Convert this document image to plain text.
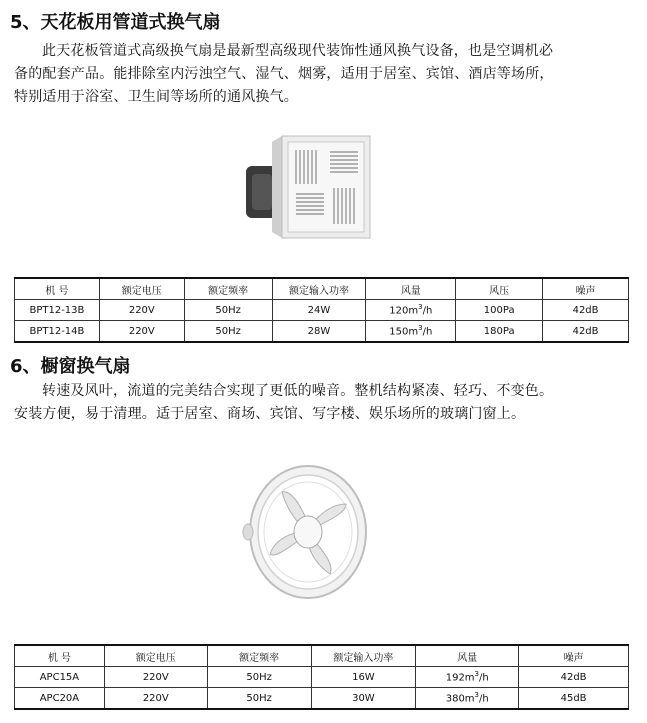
5、天花板用管道式换气扇

此天花板管道式高级换气扇是最新型高级现代装饰性通风换气设备，也是空调机必
备的配套产品。能排除室内污浊空气、湿气、烟雾，适用于居室、宾馆、酒店等场所，
特别适用于浴室、卫生间等场所的通风换气。

机 号	额定电压	额定频率	额定输入功率	风量	风压	噪声
BPT12-13B	220V	50Hz	24W	$120m^3/h$	100Pa	42dB
BPT12-14B	220V	50Hz	28W	$150m^3/h$	180Pa	42dB
6、橱窗换气扇

转速及风叶，流道的完美结合实现了更低的噪音。整机结构紧凑、轻巧、不变色。
安装方便，易于清理。适于居室、商场、宾馆、写字楼、娱乐场所的玻璃门窗上。

机 号	额定电压	额定频率	额定输入功率	风量	噪声
APC15A	220V	50Hz	16W	$192m^3/h$	42dB
APC20A	220V	50Hz	30W	$380m^3/h$	45dB
